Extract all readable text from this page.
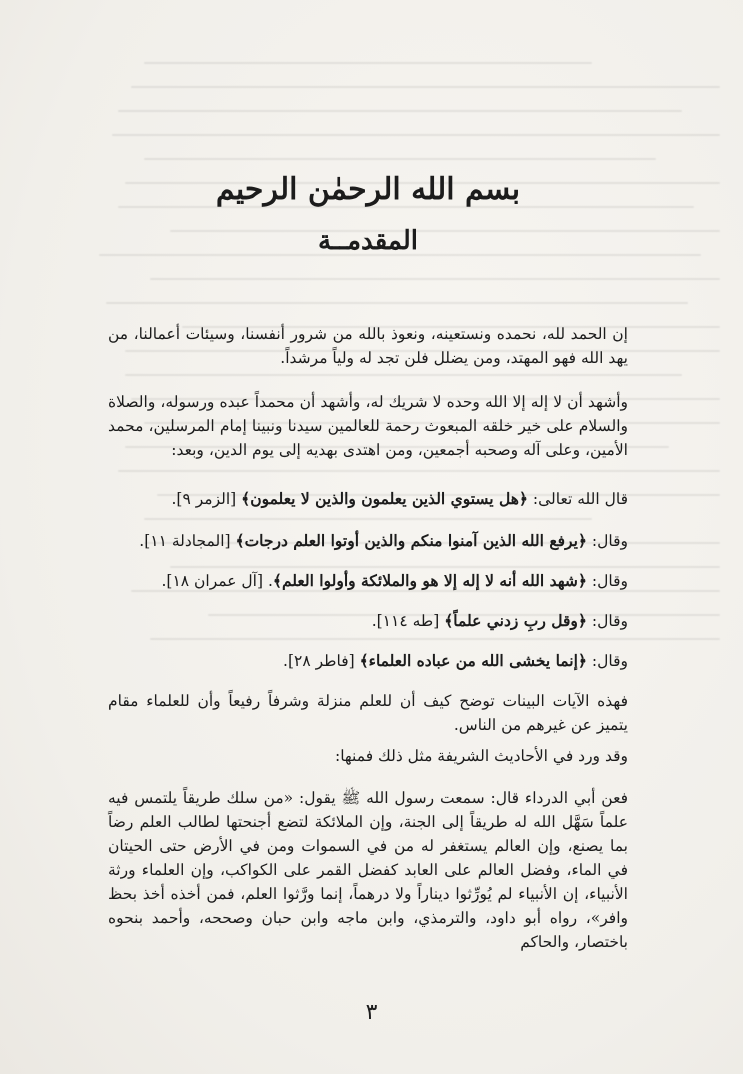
بسم الله الرحمٰن الرحيم
المقدمــة
إن الحمد لله، نحمده ونستعينه، ونعوذ بالله من شرور أنفسنا، وسيئات أعمالنا، من يهد الله فهو المهتد، ومن يضلل فلن تجد له ولياً مرشداً.
وأشهد أن لا إله إلا الله وحده لا شريك له، وأشهد أن محمداً عبده ورسوله، والصلاة والسلام على خير خلقه المبعوث رحمة للعالمين سيدنا ونبينا إمام المرسلين، محمد الأمين، وعلى آله وصحبه أجمعين، ومن اهتدى بهديه إلى يوم الدين، وبعد:
قال الله تعالى: ﴿هل يستوي الذين يعلمون والذين لا يعلمون﴾ [الزمر ٩].
وقال: ﴿يرفع الله الذين آمنوا منكم والذين أوتوا العلم درجات﴾ [المجادلة ١١].
وقال: ﴿شهد الله أنه لا إله إلا هو والملائكة وأولوا العلم﴾. [آل عمران ١٨].
وقال: ﴿وقل ربِ زدني علماً﴾ [طه ١١٤].
وقال: ﴿إنما يخشى الله من عباده العلماء﴾ [فاطر ٢٨].
فهذه الآيات البينات توضح كيف أن للعلم منزلة وشرفاً رفيعاً وأن للعلماء مقام يتميز عن غيرهم من الناس.
وقد ورد في الأحاديث الشريفة مثل ذلك فمنها:
فعن أبي الدرداء قال: سمعت رسول الله ﷺ يقول: «من سلك طريقاً يلتمس فيه علماً سَهَّل الله له طريقاً إلى الجنة، وإن الملائكة لتضع أجنحتها لطالب العلم رضاً بما يصنع، وإن العالم يستغفر له من في السموات ومن في الأرض حتى الحيتان في الماء، وفضل العالم على العابد كفضل القمر على الكواكب، وإن العلماء ورثة الأنبياء، إن الأنبياء لم يُورِّثوا ديناراً ولا درهماً، إنما ورَّثوا العلم، فمن أخذه أخذ بحظ وافر»، رواه أبو داود، والترمذي، وابن ماجه وابن حبان وصححه، وأحمد بنحوه باختصار، والحاكم
٣
